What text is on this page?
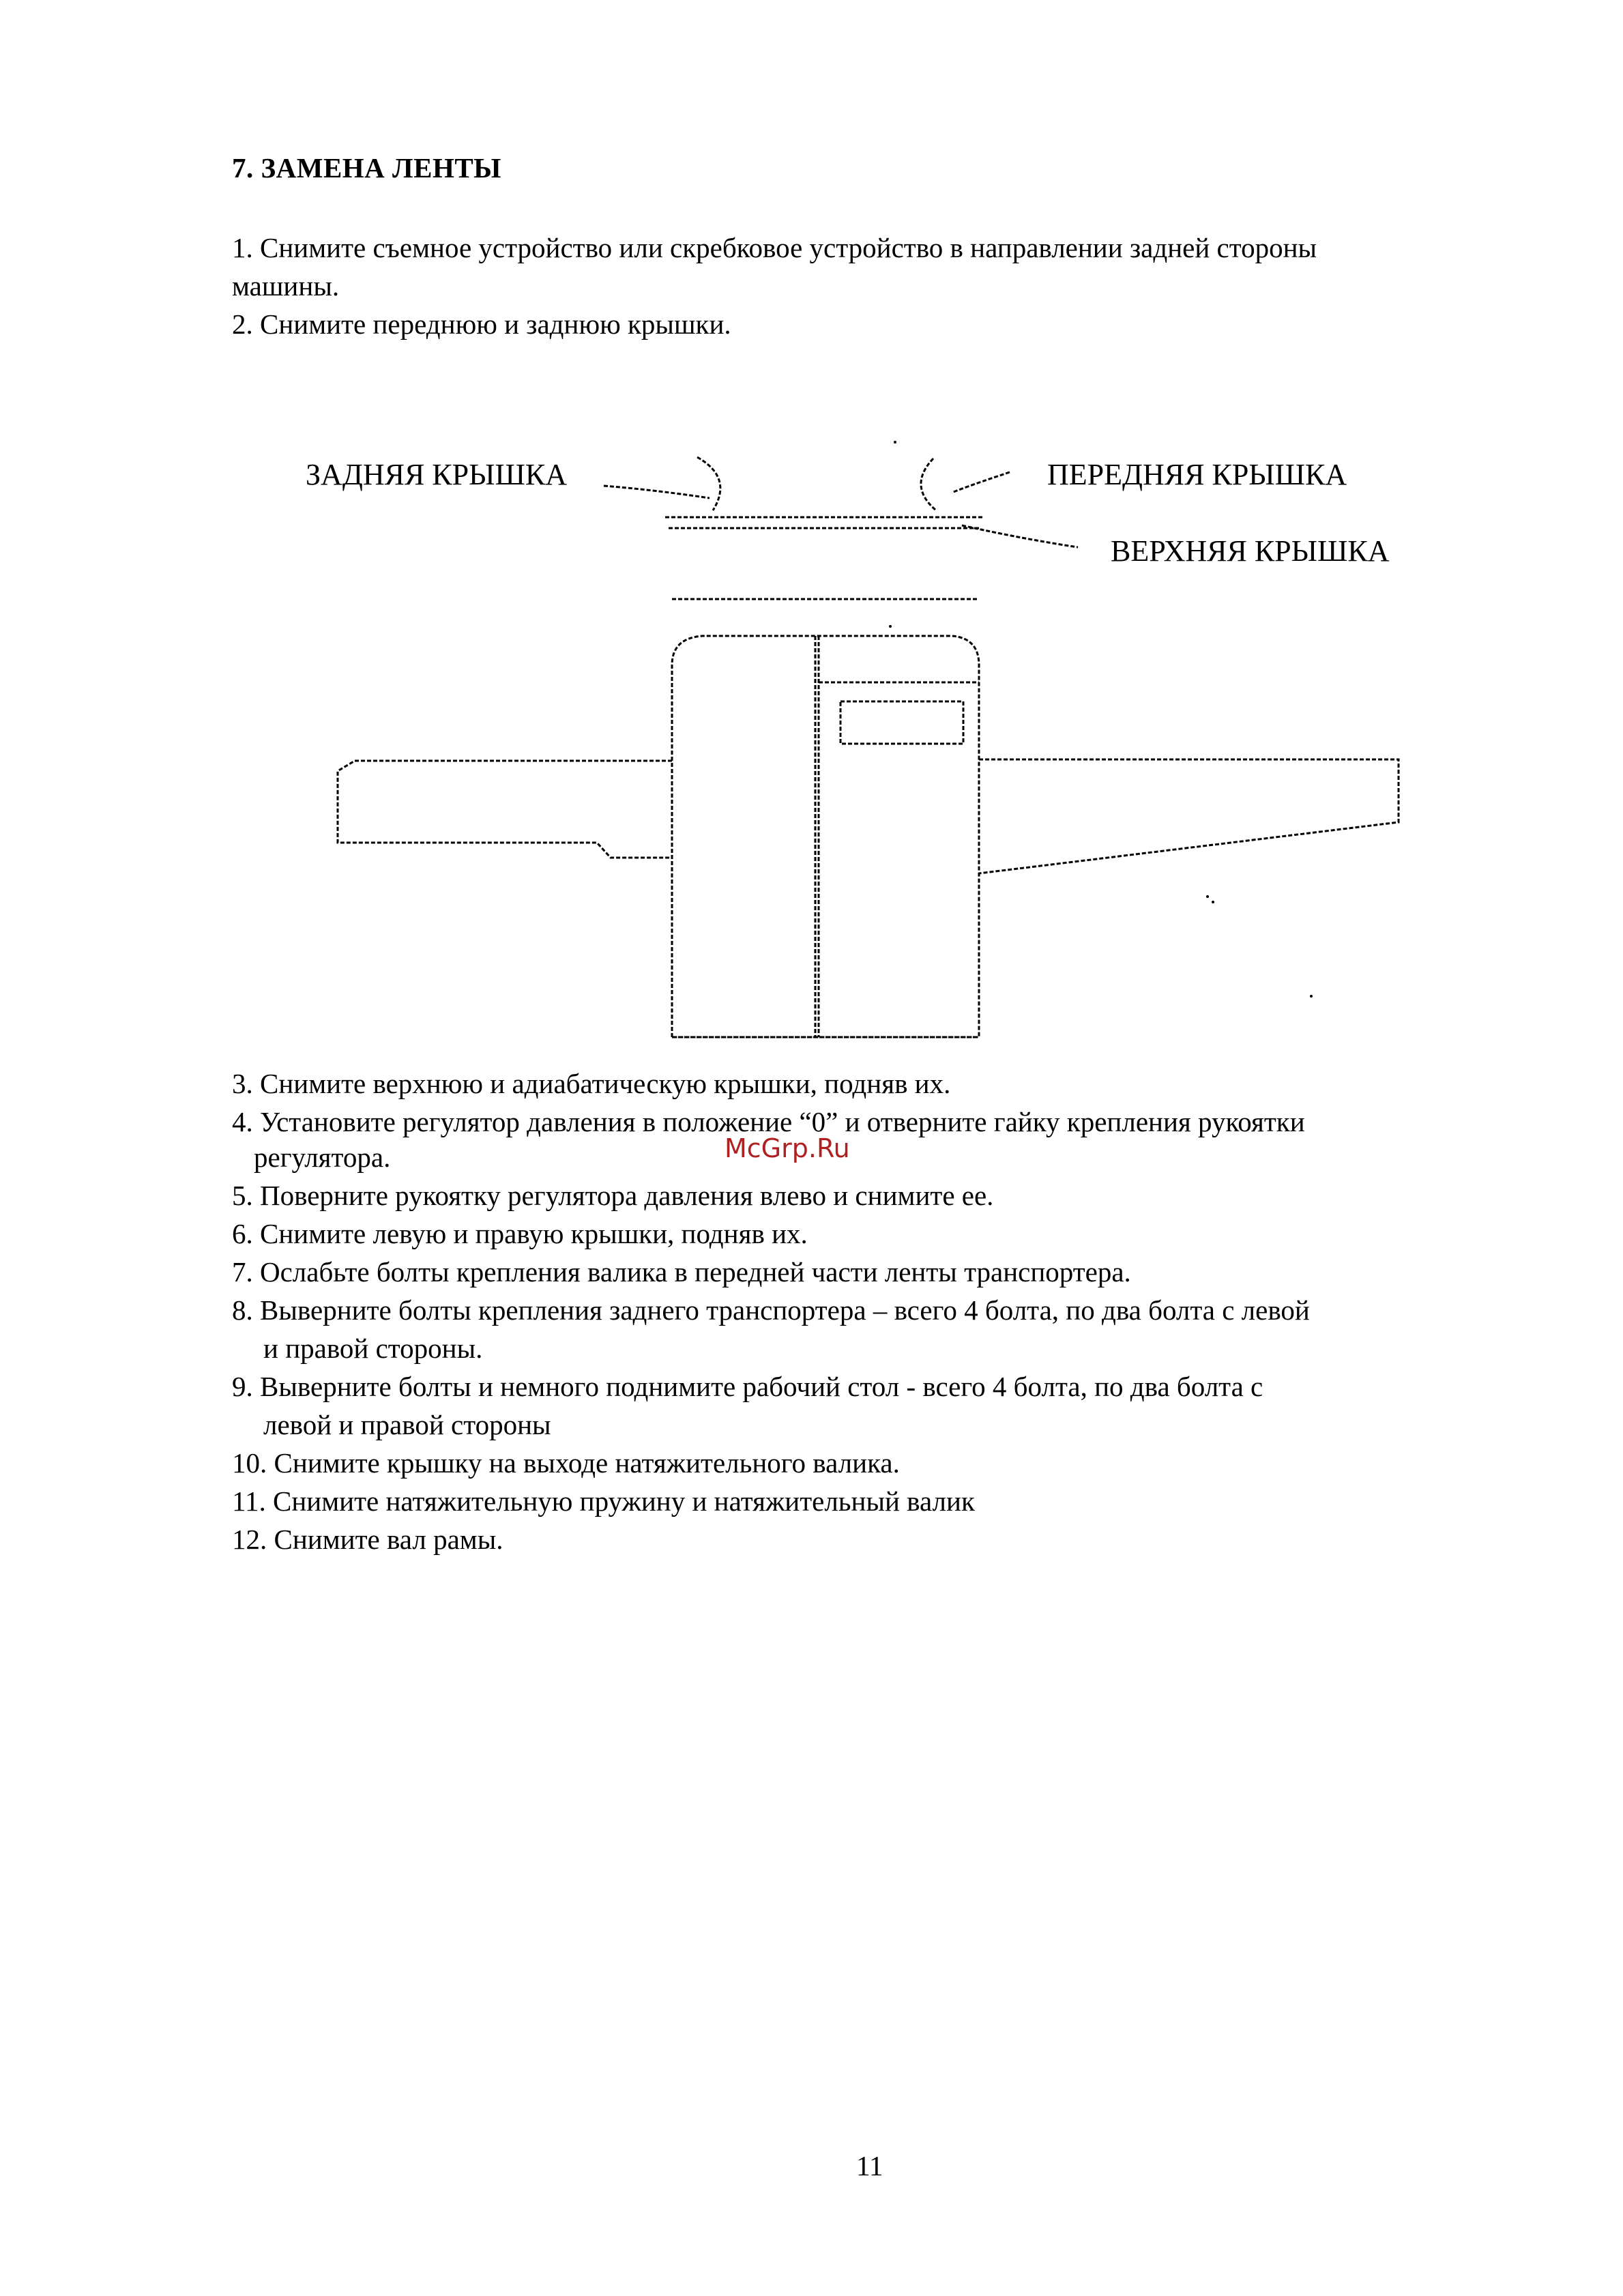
7. ЗАМЕНА ЛЕНТЫ
1. Снимите съемное устройство или скребковое устройство в направлении задней стороны
машины.
2. Снимите переднюю и заднюю крышки.
ЗАДНЯЯ КРЫШКА	ПЕРЕДНЯЯ КРЫШКА
ВЕРХНЯЯ КРЫШКА
3. Снимите верхнюю и адиабатическую крышки, подняв их.
4. Установите регулятор давления в положение “0” и отверните гайку крепления рукоятки
регулятора.	McGrp.Ru
5. Поверните рукоятку регулятора давления влево и снимите ее.
6. Снимите левую и правую крышки, подняв их.
7. Ослабьте болты крепления валика в передней части ленты транспортера.
8. Выверните болты крепления заднего транспортера – всего 4 болта, по два болта с левой
и правой стороны.
9. Выверните болты и немного поднимите рабочий стол - всего 4 болта, по два болта с
левой и правой стороны
10. Снимите крышку на выходе натяжительного валика.
11. Снимите натяжительную пружину и натяжительный валик
12. Снимите вал рамы.
11
